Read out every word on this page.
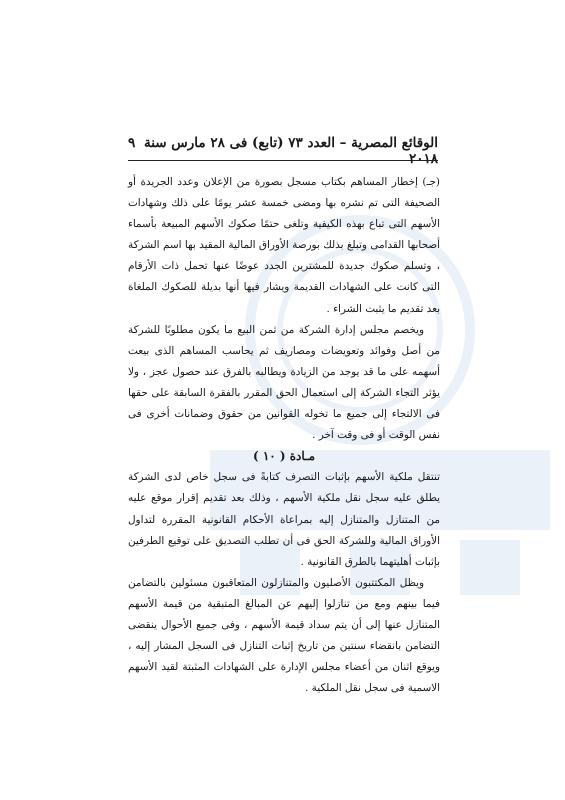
الوقائع المصرية – العدد ٧٣ (تابع) فى ٢٨ مارس سنة ٢٠١٨
٩

(جـ) إخطار المساهم بكتاب مسجل بصورة من الإعلان وعدد الجريدة أو الصحيفة التى تم نشره بها ومضى خمسة عشر يومًا على ذلك وشهادات الأسهم التى تباع بهذه الكيفية وتلغى حتمًا صكوك الأسهم المبيعة بأسماء أصحابها القدامى وتبلغ بذلك بورصة الأوراق المالية المقيد بها اسم الشركة ، وتسلم صكوك جديدة للمشترين الجدد عوضًا عنها تحمل ذات الأرقام التى كانت على الشهادات القديمة ويشار فيها أنها بديلة للصكوك الملغاة بعد تقديم ما يثبت الشراء .

ويخصم مجلس إدارة الشركة من ثمن البيع ما يكون مطلوبًا للشركة من أصل وفوائد وتعويضات ومصاريف ثم يحاسب المساهم الذى بيعت أسهمه على ما قد يوجد من الزيادة ويطالبه بالفرق عند حصول عجز ، ولا يؤثر التجاء الشركة إلى استعمال الحق المقرر بالفقرة السابقة على حقها فى الالتجاء إلى جميع ما تخوله القوانين من حقوق وضمانات أخرى فى نفس الوقت أو فى وقت آخر .

مـادة ( ١٠ )

تنتقل ملكية الأسهم بإثبات التصرف كتابةً فى سجل خاص لدى الشركة يطلق عليه سجل نقل ملكية الأسهم ، وذلك بعد تقديم إقرار موقع عليه من المتنازل والمتنازل إليه بمراعاة الأحكام القانونية المقررة لتداول الأوراق المالية وللشركة الحق فى أن تطلب التصديق على توقيع الطرفين بإثبات أهليتهما بالطرق القانونية .

ويظل المكتتبون الأصليون والمتنازلون المتعاقبون مسئولين بالتضامن فيما بينهم ومع من تنازلوا إليهم عن المبالغ المتبقية من قيمة الأسهم المتنازل عنها إلى أن يتم سداد قيمة الأسهم ، وفى جميع الأحوال ينقضى التضامن بانقضاء سنتين من تاريخ إثبات التنازل فى السجل المشار إليه ، ويوقع اثنان من أعضاء مجلس الإدارة على الشهادات المثبتة لقيد الأسهم الاسمية فى سجل نقل الملكية .
